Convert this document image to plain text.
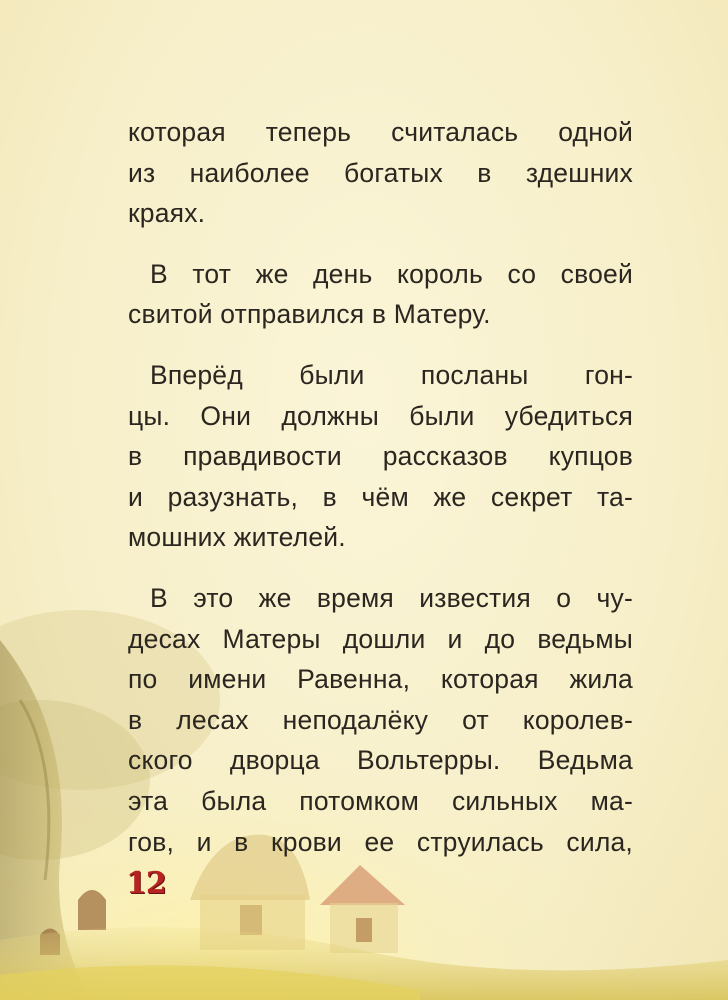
которая теперь считалась одной
из наиболее богатых в здешних
краях.
В тот же день король со своей
свитой отправился в Матеру.
Вперёд были посланы гон-
цы. Они должны были убедиться
в правдивости рассказов купцов
и разузнать, в чём же секрет та-
мошних жителей.
В это же время известия о чу-
десах Матеры дошли и до ведьмы
по имени Равенна, которая жила
в лесах неподалёку от королев-
ского дворца Вольтерры. Ведьма
эта была потомком сильных ма-
гов, и в крови ее струилась сила,
12
